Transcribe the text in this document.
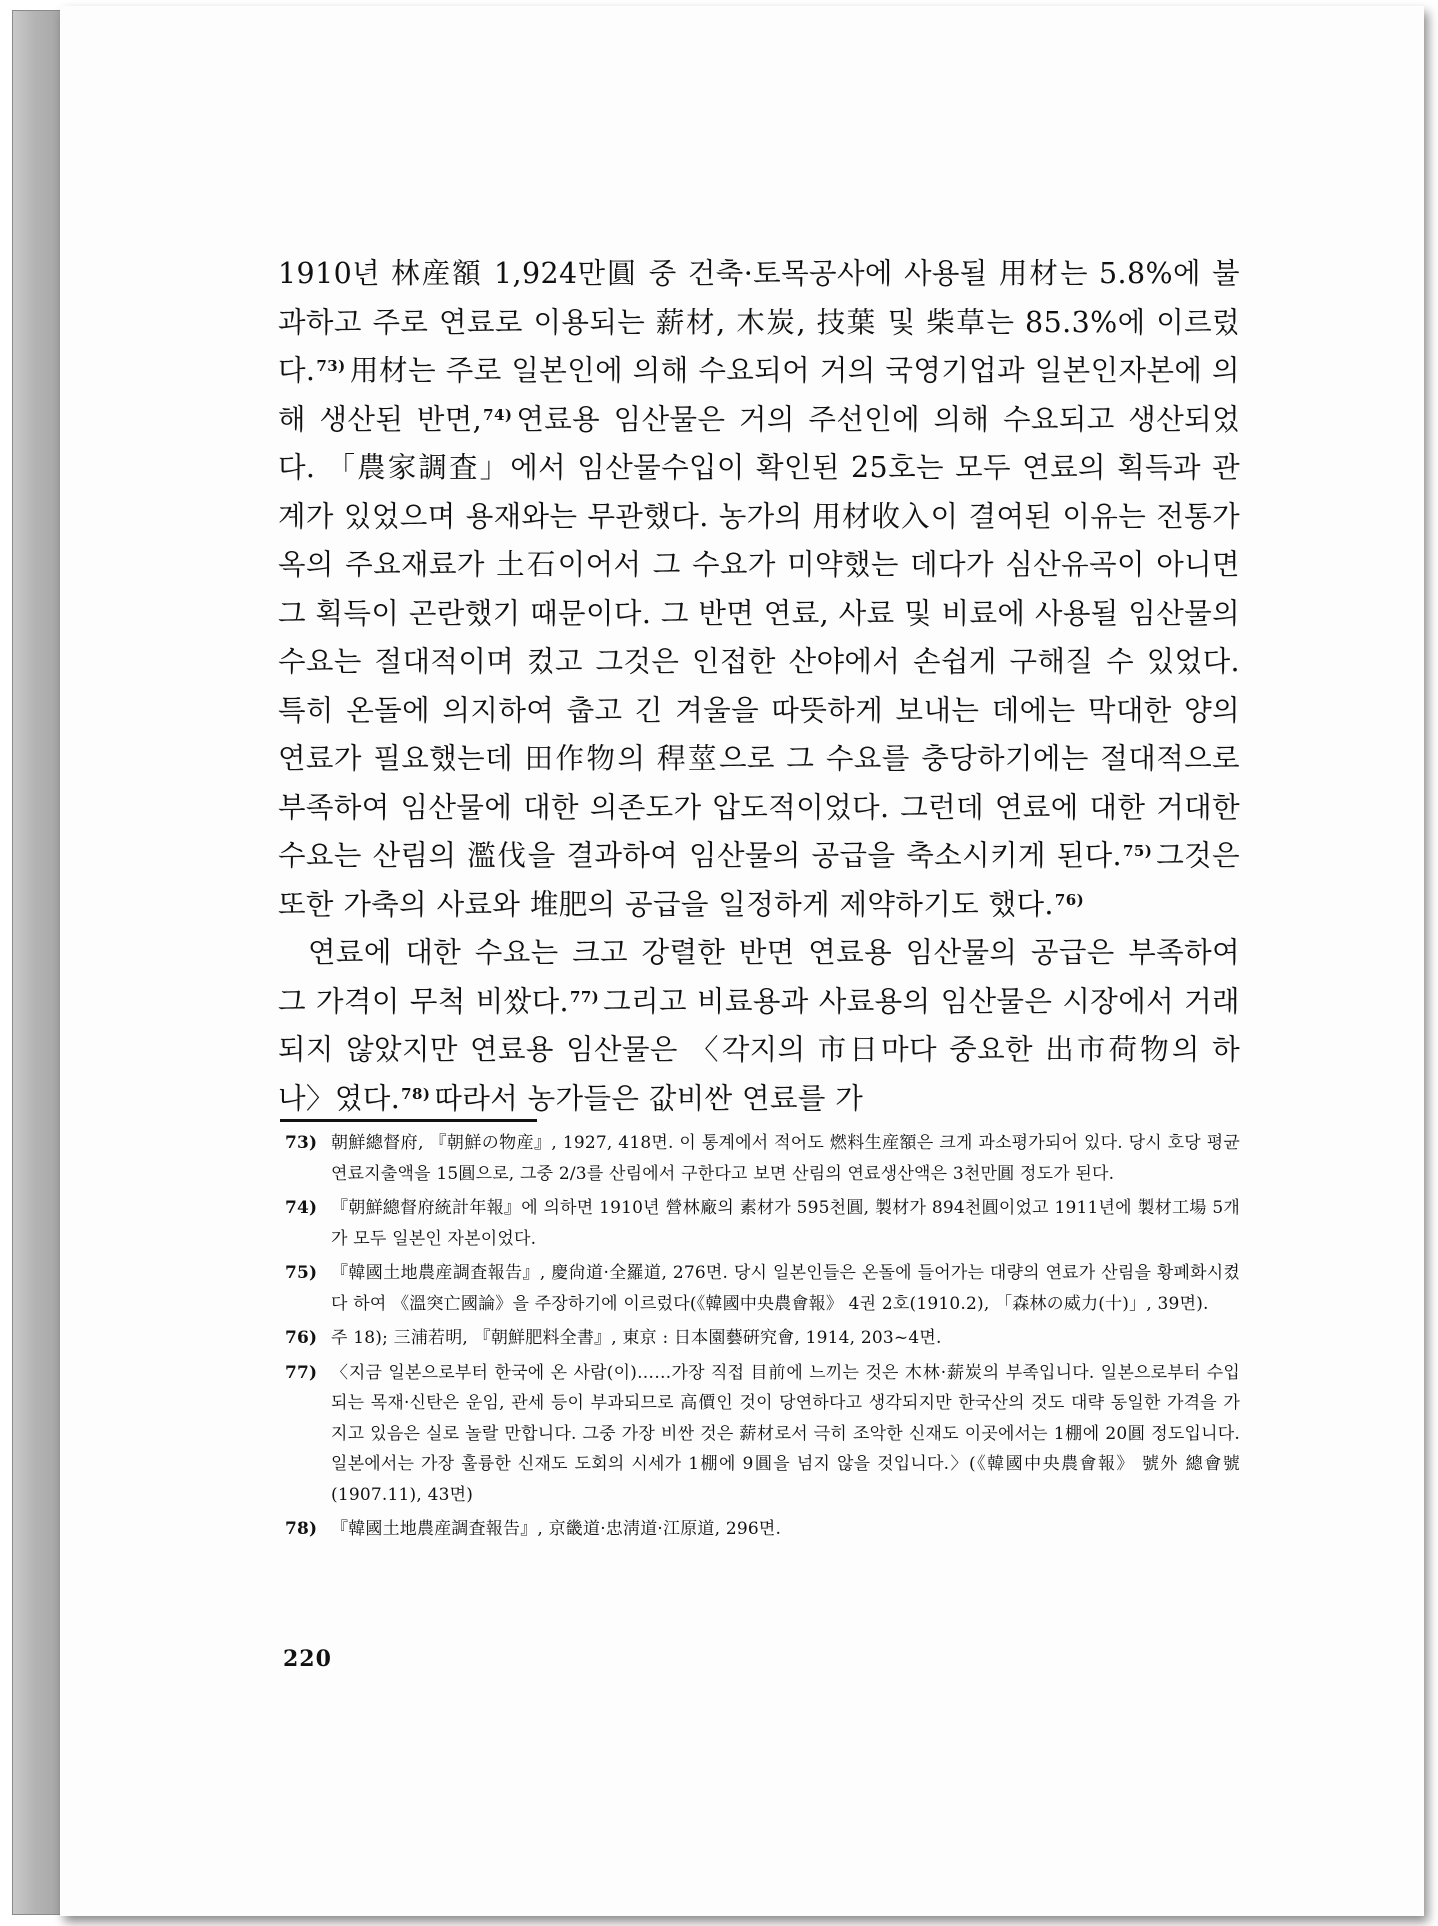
1910년 林産額 1,924만圓 중 건축·토목공사에 사용될 用材는 5.8%에 불과하고 주로 연료로 이용되는 薪材, 木炭, 技葉 및 柴草는 85.3%에 이르렀다.$^{73)}$ 用材는 주로 일본인에 의해 수요되어 거의 국영기업과 일본인자본에 의해 생산된 반면,$^{74)}$ 연료용 임산물은 거의 주선인에 의해 수요되고 생산되었다. 「農家調査」에서 임산물수입이 확인된 25호는 모두 연료의 획득과 관계가 있었으며 용재와는 무관했다. 농가의 用材收入이 결여된 이유는 전통가옥의 주요재료가 土石이어서 그 수요가 미약했는 데다가 심산유곡이 아니면 그 획득이 곤란했기 때문이다. 그 반면 연료, 사료 및 비료에 사용될 임산물의 수요는 절대적이며 컸고 그것은 인접한 산야에서 손쉽게 구해질 수 있었다. 특히 온돌에 의지하여 춥고 긴 겨울을 따뜻하게 보내는 데에는 막대한 양의 연료가 필요했는데 田作物의 稈莖으로 그 수요를 충당하기에는 절대적으로 부족하여 임산물에 대한 의존도가 압도적이었다. 그런데 연료에 대한 거대한 수요는 산림의 濫伐을 결과하여 임산물의 공급을 축소시키게 된다.$^{75)}$ 그것은 또한 가축의 사료와 堆肥의 공급을 일정하게 제약하기도 했다.$^{76)}$

연료에 대한 수요는 크고 강렬한 반면 연료용 임산물의 공급은 부족하여 그 가격이 무척 비쌌다.$^{77)}$ 그리고 비료용과 사료용의 임산물은 시장에서 거래되지 않았지만 연료용 임산물은 〈각지의 市日마다 중요한 出市荷物의 하나〉였다.$^{78)}$ 따라서 농가들은 값비싼 연료를 가

73) 朝鮮總督府, 『朝鮮の物産』, 1927, 418면. 이 통계에서 적어도 燃料生産額은 크게 과소평가되어 있다. 당시 호당 평균 연료지출액을 15圓으로, 그중 2/3를 산림에서 구한다고 보면 산림의 연료생산액은 3천만圓 정도가 된다.
74) 『朝鮮總督府統計年報』에 의하면 1910년 營林廠의 素材가 595천圓, 製材가 894천圓이었고 1911년에 製材工場 5개가 모두 일본인 자본이었다.
75) 『韓國土地農産調査報告』, 慶尙道·全羅道, 276면. 당시 일본인들은 온돌에 들어가는 대량의 연료가 산림을 황폐화시켰다 하여 《溫突亡國論》을 주장하기에 이르렀다(《韓國中央農會報》 4권 2호(1910.2), 「森林の威力(十)」, 39면).
76) 주 18); 三浦若明, 『朝鮮肥料全書』, 東京 : 日本園藝硏究會, 1914, 203~4면.
77) 〈지금 일본으로부터 한국에 온 사람(이)……가장 직접 目前에 느끼는 것은 木林·薪炭의 부족입니다. 일본으로부터 수입되는 목재·신탄은 운임, 관세 등이 부과되므로 高價인 것이 당연하다고 생각되지만 한국산의 것도 대략 동일한 가격을 가지고 있음은 실로 놀랄 만합니다. 그중 가장 비싼 것은 薪材로서 극히 조악한 신재도 이곳에서는 1棚에 20圓 정도입니다. 일본에서는 가장 훌륭한 신재도 도회의 시세가 1棚에 9圓을 넘지 않을 것입니다.〉(《韓國中央農會報》 號外 總會號(1907.11), 43면)
78) 『韓國土地農産調査報告』, 京畿道·忠淸道·江原道, 296면.
220
